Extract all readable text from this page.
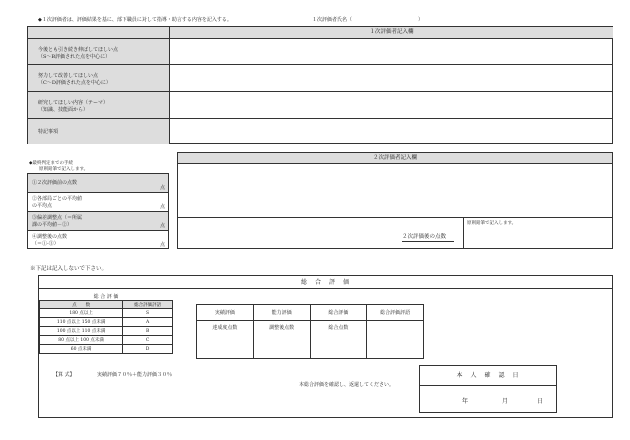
◆１次評価者は、評価結果を基に、部下職員に対して指導・助言する内容を記入する。	１次評価者氏名（	）
１次評価者記入欄
今後とも引き続き伸ばしてほしい点
（S～B評価された点を中心に）
努力して改善してほしい点
（C～D評価された点を中心に）
研究してほしい内容（テーマ）
（知識、技能面から）
特記事項
◆最終判定までの手続
原則鉛筆で記入します。
①２次評価前の点数
点
②各部局ごとの平均値
の平均点	点
③偏差調整点（＝所属
課の平均値－②）	点
④調整後の点数
（＝①-③）	点
２次評価者記入欄
２次評価後の点数
原則鉛筆で記入します。
※下記は記入しないで下さい。
総　合　評　価
総 合 評 価
点　　数	総合評価評語
180 点以上	S
110 点以上 150 点未満	A
100 点以上 110 点未満	B
80 点以上 100 点未満	C
60 点未満	D
実績評価	能力評価	総合評価	総合評価評語
達成度点数	調整後点数	総合点数	
【算 式】	実績評価７０％＋能力評価３０％
本総合評価を確認し、返還してください。
本　人　確　認　日
年	月	日
